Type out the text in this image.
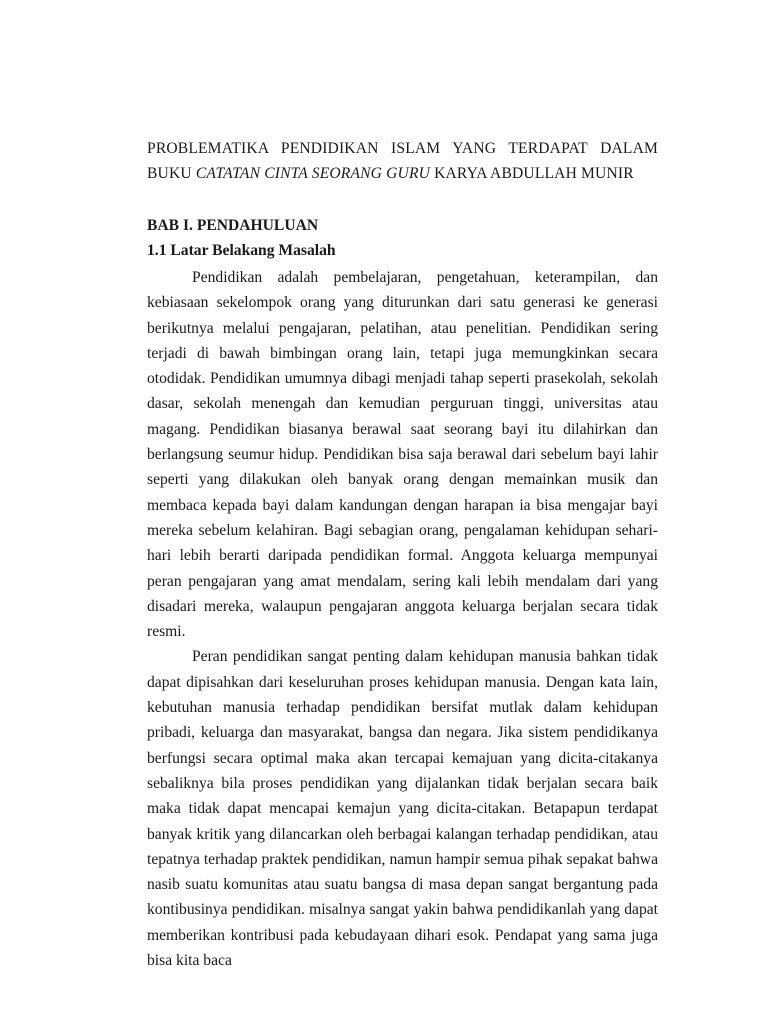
PROBLEMATIKA PENDIDIKAN ISLAM YANG TERDAPAT DALAM BUKU CATATAN CINTA SEORANG GURU KARYA ABDULLAH MUNIR

BAB I. PENDAHULUAN

1.1 Latar Belakang Masalah

Pendidikan adalah pembelajaran, pengetahuan, keterampilan, dan kebiasaan sekelompok orang yang diturunkan dari satu generasi ke generasi berikutnya melalui pengajaran, pelatihan, atau penelitian. Pendidikan sering terjadi di bawah bimbingan orang lain, tetapi juga memungkinkan secara otodidak. Pendidikan umumnya dibagi menjadi tahap seperti prasekolah, sekolah dasar, sekolah menengah dan kemudian perguruan tinggi, universitas atau magang. Pendidikan biasanya berawal saat seorang bayi itu dilahirkan dan berlangsung seumur hidup. Pendidikan bisa saja berawal dari sebelum bayi lahir seperti yang dilakukan oleh banyak orang dengan memainkan musik dan membaca kepada bayi dalam kandungan dengan harapan ia bisa mengajar bayi mereka sebelum kelahiran. Bagi sebagian orang, pengalaman kehidupan sehari-hari lebih berarti daripada pendidikan formal. Anggota keluarga mempunyai peran pengajaran yang amat mendalam, sering kali lebih mendalam dari yang disadari mereka, walaupun pengajaran anggota keluarga berjalan secara tidak resmi.

Peran pendidikan sangat penting dalam kehidupan manusia bahkan tidak dapat dipisahkan dari keseluruhan proses kehidupan manusia. Dengan kata lain, kebutuhan manusia terhadap pendidikan bersifat mutlak dalam kehidupan pribadi, keluarga dan masyarakat, bangsa dan negara. Jika sistem pendidikanya berfungsi secara optimal maka akan tercapai kemajuan yang dicita-citakanya sebaliknya bila proses pendidikan yang dijalankan tidak berjalan secara baik maka tidak dapat mencapai kemajun yang dicita-citakan. Betapapun terdapat banyak kritik yang dilancarkan oleh berbagai kalangan terhadap pendidikan, atau tepatnya terhadap praktek pendidikan, namun hampir semua pihak sepakat bahwa nasib suatu komunitas atau suatu bangsa di masa depan sangat bergantung pada kontibusinya pendidikan. misalnya sangat yakin bahwa pendidikanlah yang dapat memberikan kontribusi pada kebudayaan dihari esok. Pendapat yang sama juga bisa kita baca
